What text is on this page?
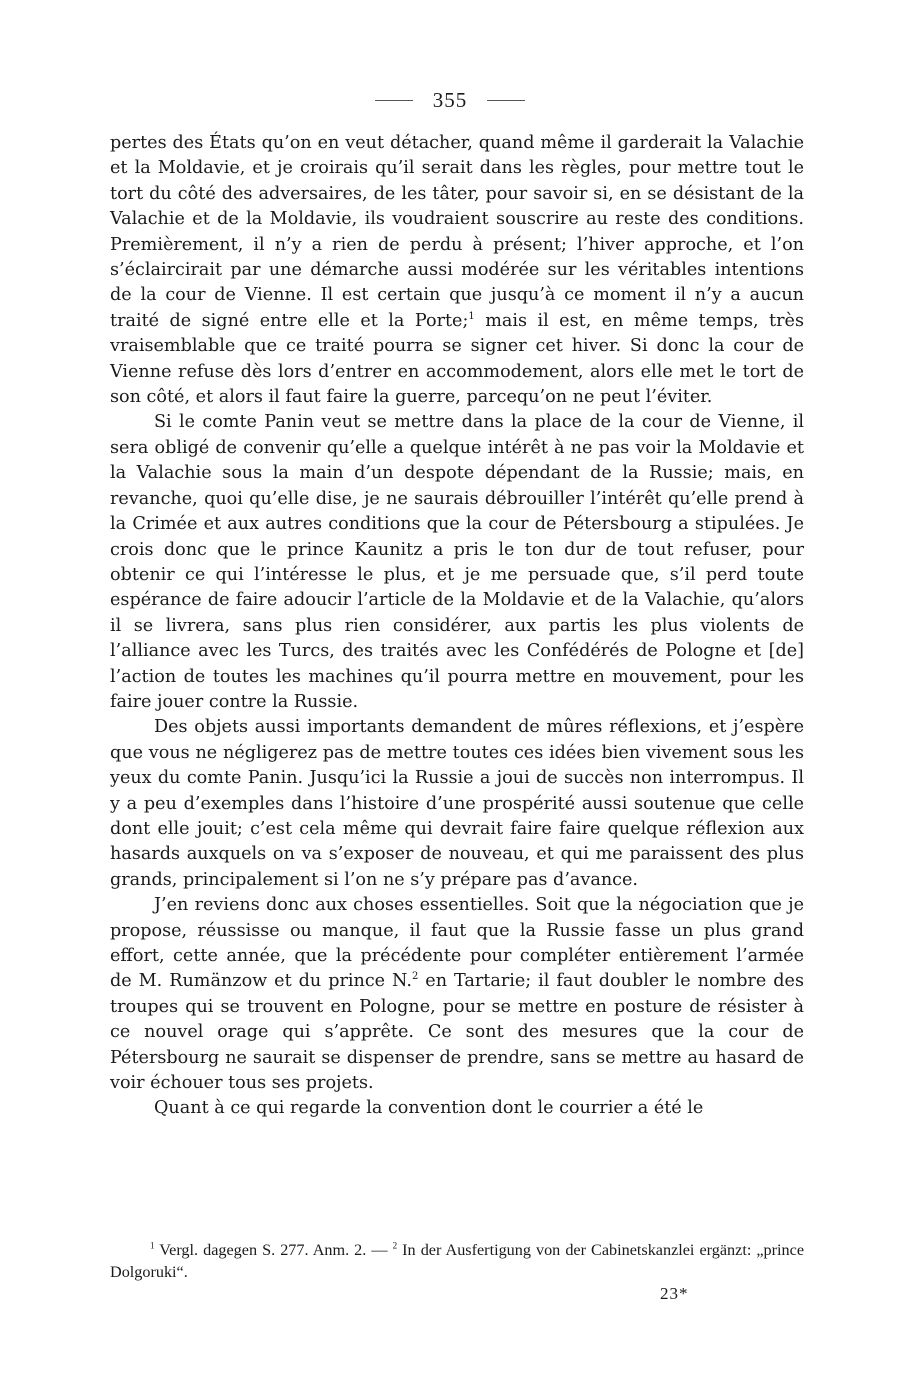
355

pertes des États qu’on en veut détacher, quand même il garderait la Valachie et la Moldavie, et je croirais qu’il serait dans les règles, pour mettre tout le tort du côté des adversaires, de les tâter, pour savoir si, en se désistant de la Valachie et de la Moldavie, ils voudraient souscrire au reste des conditions. Premièrement, il n’y a rien de perdu à présent; l’hiver approche, et l’on s’éclaircirait par une démarche aussi modérée sur les véritables intentions de la cour de Vienne. Il est certain que jusqu’à ce moment il n’y a aucun traité de signé entre elle et la Porte;$^1$ mais il est, en même temps, très vraisemblable que ce traité pourra se signer cet hiver. Si donc la cour de Vienne refuse dès lors d’entrer en accommodement, alors elle met le tort de son côté, et alors il faut faire la guerre, parcequ’on ne peut l’éviter.

Si le comte Panin veut se mettre dans la place de la cour de Vienne, il sera obligé de convenir qu’elle a quelque intérêt à ne pas voir la Moldavie et la Valachie sous la main d’un despote dépendant de la Russie; mais, en revanche, quoi qu’elle dise, je ne saurais débrouiller l’intérêt qu’elle prend à la Crimée et aux autres conditions que la cour de Pétersbourg a stipulées. Je crois donc que le prince Kaunitz a pris le ton dur de tout refuser, pour obtenir ce qui l’intéresse le plus, et je me persuade que, s’il perd toute espérance de faire adoucir l’article de la Moldavie et de la Valachie, qu’alors il se livrera, sans plus rien considérer, aux partis les plus violents de l’alliance avec les Turcs, des traités avec les Confédérés de Pologne et [de] l’action de toutes les machines qu’il pourra mettre en mouvement, pour les faire jouer contre la Russie.

Des objets aussi importants demandent de mûres réflexions, et j’espère que vous ne négligerez pas de mettre toutes ces idées bien vivement sous les yeux du comte Panin. Jusqu’ici la Russie a joui de succès non interrompus. Il y a peu d’exemples dans l’histoire d’une prospérité aussi soutenue que celle dont elle jouit; c’est cela même qui devrait faire faire quelque réflexion aux hasards auxquels on va s’exposer de nouveau, et qui me paraissent des plus grands, principalement si l’on ne s’y prépare pas d’avance.

J’en reviens donc aux choses essentielles. Soit que la négociation que je propose, réussisse ou manque, il faut que la Russie fasse un plus grand effort, cette année, que la précédente pour compléter entièrement l’armée de M. Rumänzow et du prince N.$^2$ en Tartarie; il faut doubler le nombre des troupes qui se trouvent en Pologne, pour se mettre en posture de résister à ce nouvel orage qui s’apprête. Ce sont des mesures que la cour de Pétersbourg ne saurait se dispenser de prendre, sans se mettre au hasard de voir échouer tous ses projets.

Quant à ce qui regarde la convention dont le courrier a été le

$^1$ Vergl. dagegen S. 277. Anm. 2. — $^2$ In der Ausfertigung von der Cabinetskanzlei ergänzt: „prince Dolgoruki“.
23*
